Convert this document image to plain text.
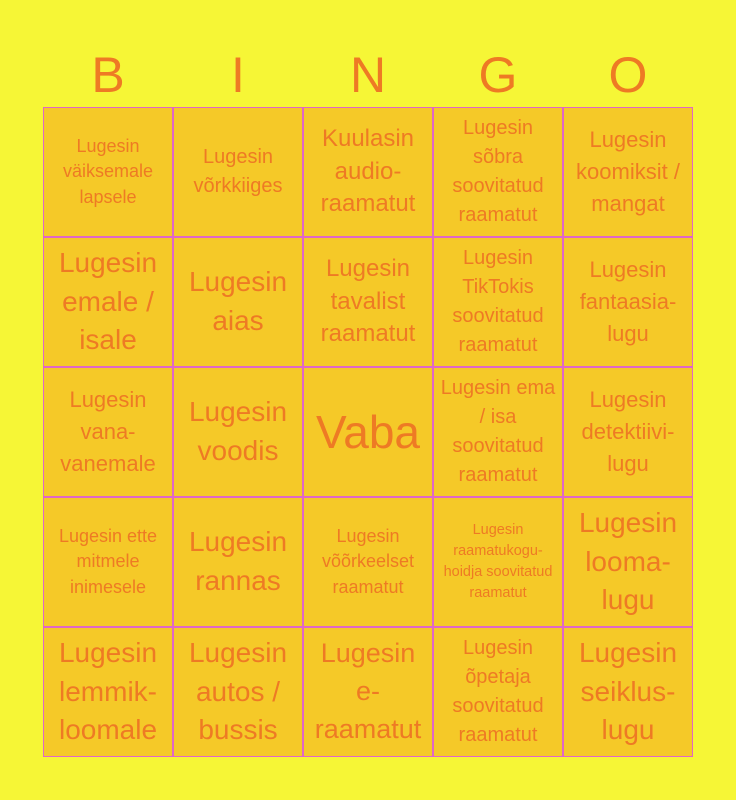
B	I	N	G	O
Lugesin väiksemale lapsele
Lugesin võrkkiiges
Kuulasin audio-raamatut
Lugesin sõbra soovitatud raamatut
Lugesin koomiksit / mangat
Lugesin emale / isale
Lugesin aias
Lugesin tavalist raamatut
Lugesin TikTokis soovitatud raamatut
Lugesin fantaasia-lugu
Lugesin vana-vanemale
Lugesin voodis Vaba
Lugesin ema / isa soovitatud raamatut
Lugesin detektiivi-lugu
Lugesin ette mitmele inimesele
Lugesin rannas
Lugesin võõrkeelset raamatut
Lugesin raamatukogu-hoidja soovitatud raamatut
Lugesin looma-lugu
Lugesin lemmik-loomale
Lugesin autos / bussis
Lugesin e-raamatut
Lugesin õpetaja soovitatud raamatut
Lugesin seiklus-lugu
